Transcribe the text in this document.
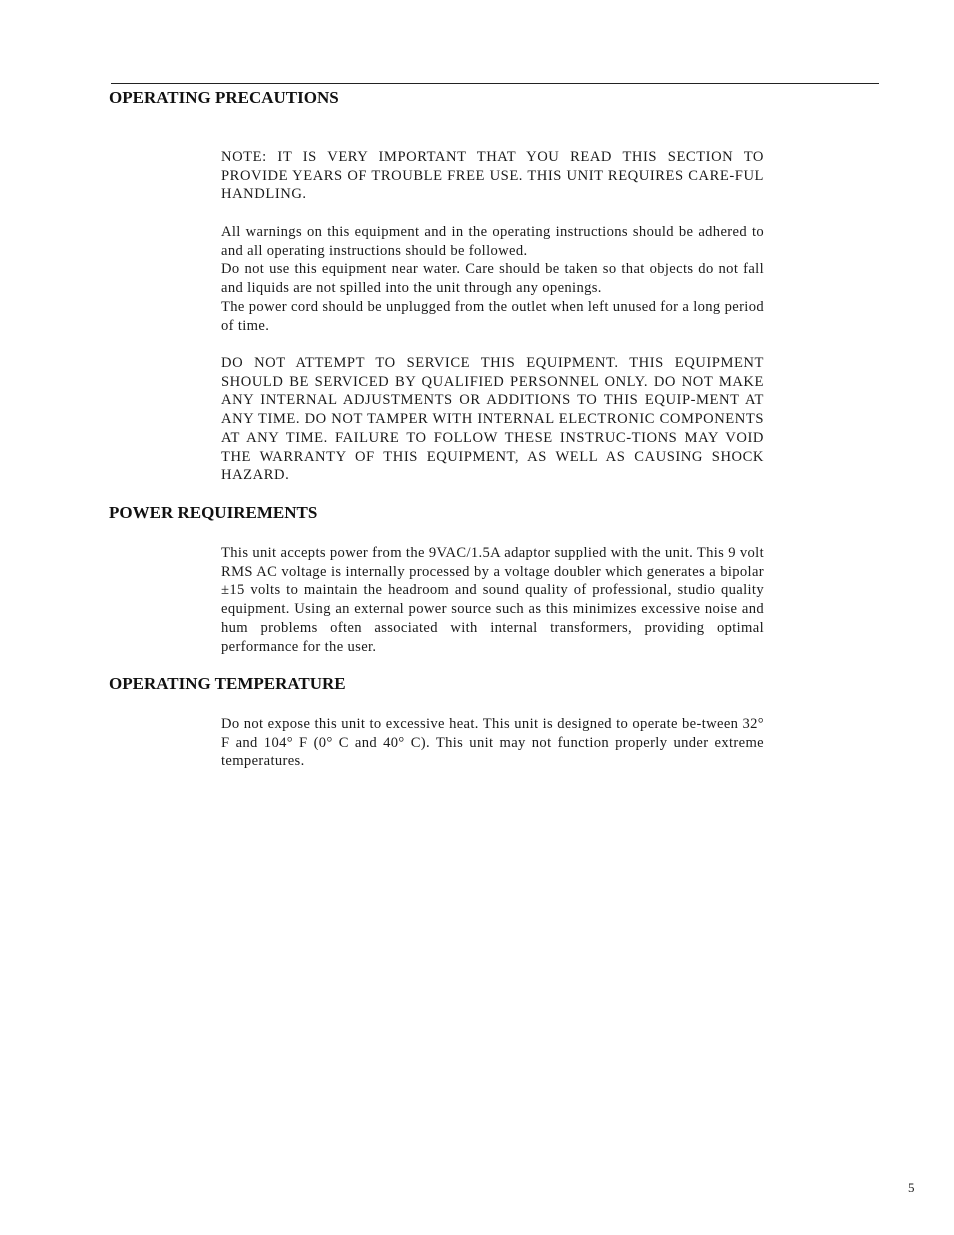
OPERATING PRECAUTIONS

NOTE: IT IS VERY IMPORTANT THAT YOU READ THIS SECTION TO PROVIDE YEARS OF TROUBLE FREE USE. THIS UNIT REQUIRES CARE-FUL HANDLING.

All warnings on this equipment and in the operating instructions should be adhered to and all operating instructions should be followed.

Do not use this equipment near water. Care should be taken so that objects do not fall and liquids are not spilled into the unit through any openings.

The power cord should be unplugged from the outlet when left unused for a long period of time.

DO NOT ATTEMPT TO SERVICE THIS EQUIPMENT. THIS EQUIPMENT SHOULD BE SERVICED BY QUALIFIED PERSONNEL ONLY. DO NOT MAKE ANY INTERNAL ADJUSTMENTS OR ADDITIONS TO THIS EQUIP-MENT AT ANY TIME. DO NOT TAMPER WITH INTERNAL ELECTRONIC COMPONENTS AT ANY TIME. FAILURE TO FOLLOW THESE INSTRUC-TIONS MAY VOID THE WARRANTY OF THIS EQUIPMENT, AS WELL AS CAUSING SHOCK HAZARD.

POWER REQUIREMENTS

This unit accepts power from the 9VAC/1.5A adaptor supplied with the unit. This 9 volt RMS AC voltage is internally processed by a voltage doubler which generates a bipolar ±15 volts to maintain the headroom and sound quality of professional, studio quality equipment. Using an external power source such as this minimizes excessive noise and hum problems often associated with internal transformers, providing optimal performance for the user.

OPERATING TEMPERATURE

Do not expose this unit to excessive heat. This unit is designed to operate be-tween 32° F and 104° F (0° C and 40° C). This unit may not function properly under extreme temperatures.

5
